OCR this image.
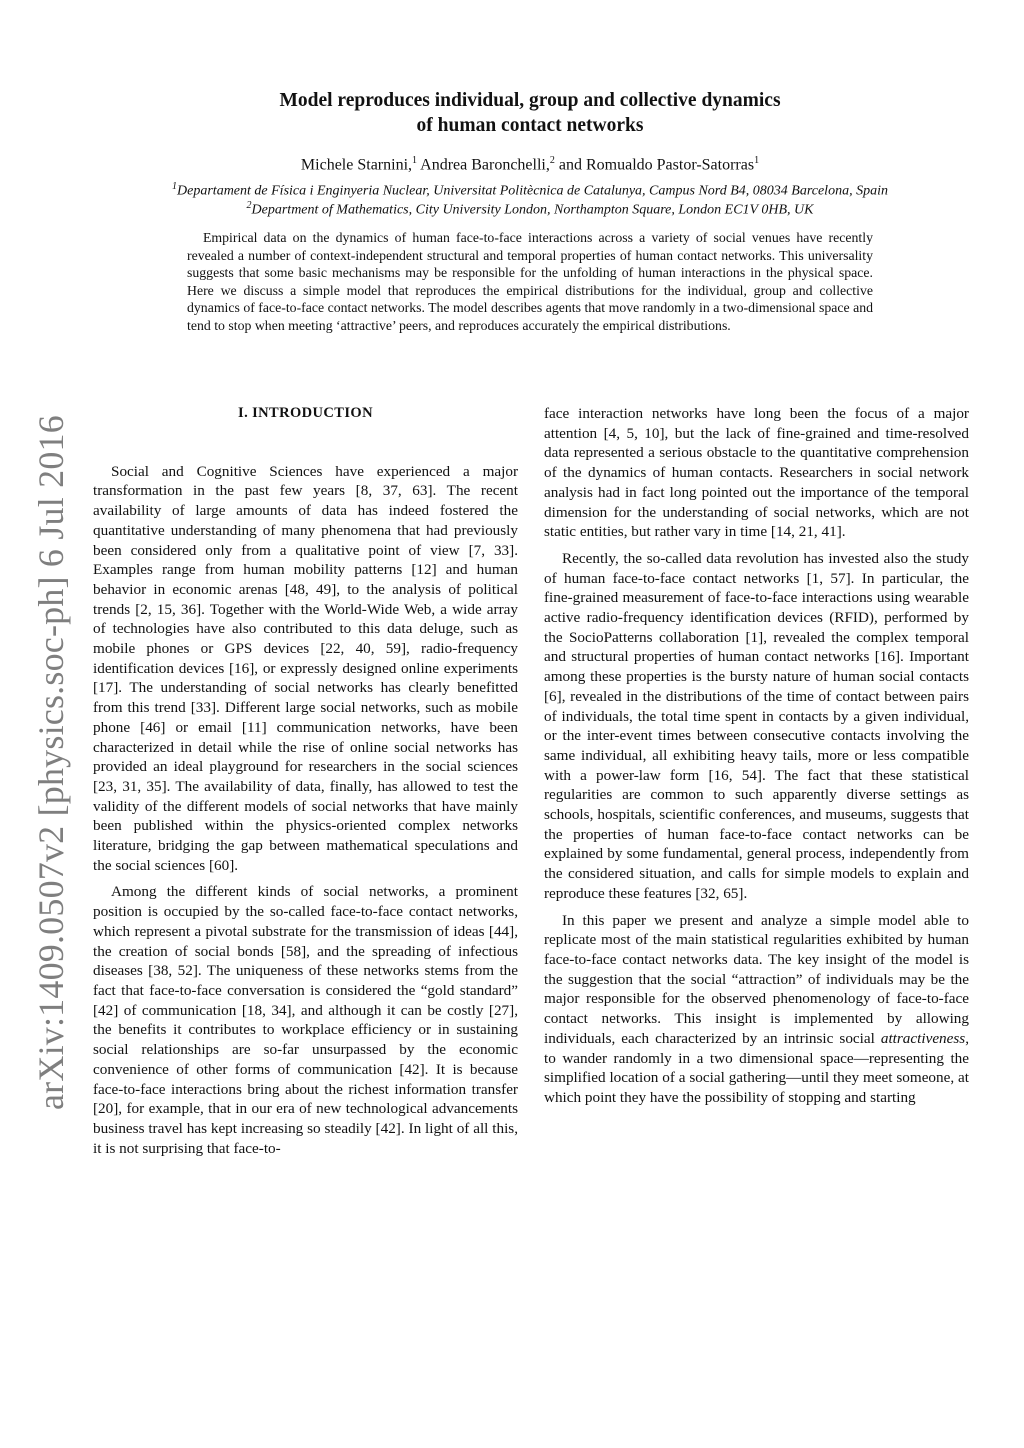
arXiv:1409.0507v2 [physics.soc-ph] 6 Jul 2016
Model reproduces individual, group and collective dynamics
of human contact networks
Michele Starnini,$^1$ Andrea Baronchelli,$^2$ and Romualdo Pastor-Satorras$^1$
$^1$Departament de Física i Enginyeria Nuclear, Universitat Politècnica de Catalunya, Campus Nord B4, 08034 Barcelona, Spain
$^2$Department of Mathematics, City University London, Northampton Square, London EC1V 0HB, UK
Empirical data on the dynamics of human face-to-face interactions across a variety of social venues have recently revealed a number of context-independent structural and temporal properties of human contact networks. This universality suggests that some basic mechanisms may be responsible for the unfolding of human interactions in the physical space. Here we discuss a simple model that reproduces the empirical distributions for the individual, group and collective dynamics of face-to-face contact networks. The model describes agents that move randomly in a two-dimensional space and tend to stop when meeting ‘attractive’ peers, and reproduces accurately the empirical distributions.
I. INTRODUCTION

Social and Cognitive Sciences have experienced a major transformation in the past few years [8, 37, 63]. The recent availability of large amounts of data has indeed fostered the quantitative understanding of many phenomena that had previously been considered only from a qualitative point of view [7, 33]. Examples range from human mobility patterns [12] and human behavior in economic arenas [48, 49], to the analysis of political trends [2, 15, 36]. Together with the World-Wide Web, a wide array of technologies have also contributed to this data deluge, such as mobile phones or GPS devices [22, 40, 59], radio-frequency identification devices [16], or expressly designed online experiments [17]. The understanding of social networks has clearly benefitted from this trend [33]. Different large social networks, such as mobile phone [46] or email [11] communication networks, have been characterized in detail while the rise of online social networks has provided an ideal playground for researchers in the social sciences [23, 31, 35]. The availability of data, finally, has allowed to test the validity of the different models of social networks that have mainly been published within the physics-oriented complex networks literature, bridging the gap between mathematical speculations and the social sciences [60].

Among the different kinds of social networks, a prominent position is occupied by the so-called face-to-face contact networks, which represent a pivotal substrate for the transmission of ideas [44], the creation of social bonds [58], and the spreading of infectious diseases [38, 52]. The uniqueness of these networks stems from the fact that face-to-face conversation is considered the “gold standard” [42] of communication [18, 34], and although it can be costly [27], the benefits it contributes to workplace efficiency or in sustaining social relationships are so-far unsurpassed by the economic convenience of other forms of communication [42]. It is because face-to-face interactions bring about the richest information transfer [20], for example, that in our era of new technological advancements business travel has kept increasing so steadily [42]. In light of all this, it is not surprising that face-to-

face interaction networks have long been the focus of a major attention [4, 5, 10], but the lack of fine-grained and time-resolved data represented a serious obstacle to the quantitative comprehension of the dynamics of human contacts. Researchers in social network analysis had in fact long pointed out the importance of the temporal dimension for the understanding of social networks, which are not static entities, but rather vary in time [14, 21, 41].

Recently, the so-called data revolution has invested also the study of human face-to-face contact networks [1, 57]. In particular, the fine-grained measurement of face-to-face interactions using wearable active radio-frequency identification devices (RFID), performed by the SocioPatterns collaboration [1], revealed the complex temporal and structural properties of human contact networks [16]. Important among these properties is the bursty nature of human social contacts [6], revealed in the distributions of the time of contact between pairs of individuals, the total time spent in contacts by a given individual, or the inter-event times between consecutive contacts involving the same individual, all exhibiting heavy tails, more or less compatible with a power-law form [16, 54]. The fact that these statistical regularities are common to such apparently diverse settings as schools, hospitals, scientific conferences, and museums, suggests that the properties of human face-to-face contact networks can be explained by some fundamental, general process, independently from the considered situation, and calls for simple models to explain and reproduce these features [32, 65].

In this paper we present and analyze a simple model able to replicate most of the main statistical regularities exhibited by human face-to-face contact networks data. The key insight of the model is the suggestion that the social “attraction” of individuals may be the major responsible for the observed phenomenology of face-to-face contact networks. This insight is implemented by allowing individuals, each characterized by an intrinsic social attractiveness, to wander randomly in a two dimensional space—representing the simplified location of a social gathering—until they meet someone, at which point they have the possibility of stopping and starting
